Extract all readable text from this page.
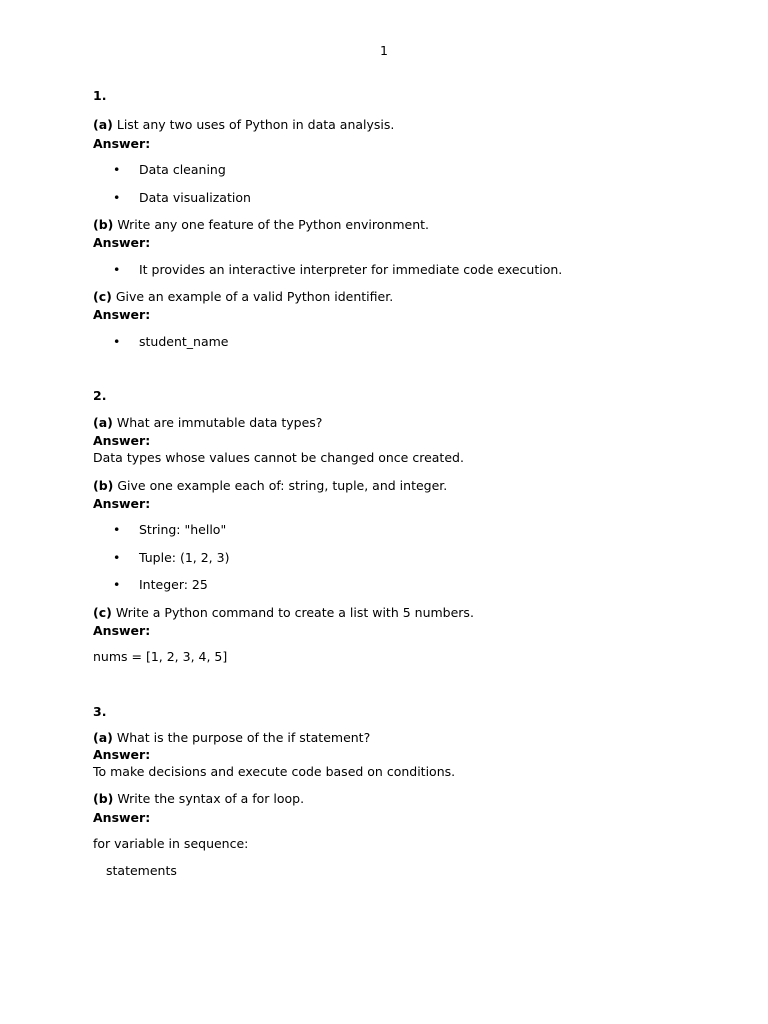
1

1.

(a) List any two uses of Python in data analysis.

Answer:

• Data cleaning
• Data visualization

(b) Write any one feature of the Python environment.

Answer:

• It provides an interactive interpreter for immediate code execution.

(c) Give an example of a valid Python identifier.

Answer:

• student_name

2.

(a) What are immutable data types?

Answer:

Data types whose values cannot be changed once created.

(b) Give one example each of: string, tuple, and integer.

Answer:

• String: "hello"
• Tuple: (1, 2, 3)
• Integer: 25

(c) Write a Python command to create a list with 5 numbers.

Answer:

nums = [1, 2, 3, 4, 5]

3.

(a) What is the purpose of the if statement?

Answer:

To make decisions and execute code based on conditions.

(b) Write the syntax of a for loop.

Answer:

for variable in sequence:

statements
